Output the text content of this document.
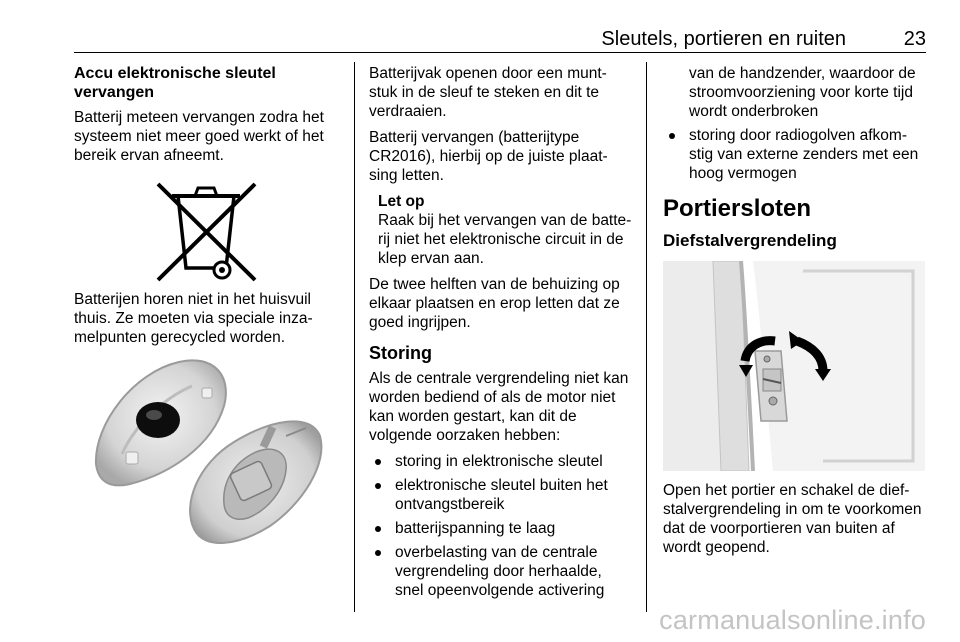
Sleutels, portieren en ruiten	23
Accu elektronische sleutel vervangen

Batterij meteen vervangen zodra het systeem niet meer goed werkt of het bereik ervan afneemt.

Batterijen horen niet in het huisvuil thuis. Ze moeten via speciale inza-melpunten gerecycled worden.

Batterijvak openen door een munt-stuk in de sleuf te steken en dit te verdraaien.

Batterij vervangen (batterijtype CR2016), hierbij op de juiste plaat-sing letten.

Let op
Raak bij het vervangen van de batte-rij niet het elektronische circuit in de klep ervan aan.

De twee helften van de behuizing op elkaar plaatsen en erop letten dat ze goed ingrijpen.

Storing

Als de centrale vergrendeling niet kan worden bediend of als de motor niet kan worden gestart, kan dit de volgende oorzaken hebben:

storing in elektronische sleutel
elektronische sleutel buiten het ontvangstbereik
batterijspanning te laag
overbelasting van de centrale vergrendeling door herhaalde, snel opeenvolgende activering
van de handzender, waardoor de stroomvoorziening voor korte tijd wordt onderbroken
storing door radiogolven afkom-stig van externe zenders met een hoog vermogen
Portiersloten
Diefstalvergrendeling

Open het portier en schakel de dief-stalvergrendeling in om te voorkomen dat de voorportieren van buiten af wordt geopend.

carmanualsonline.info
